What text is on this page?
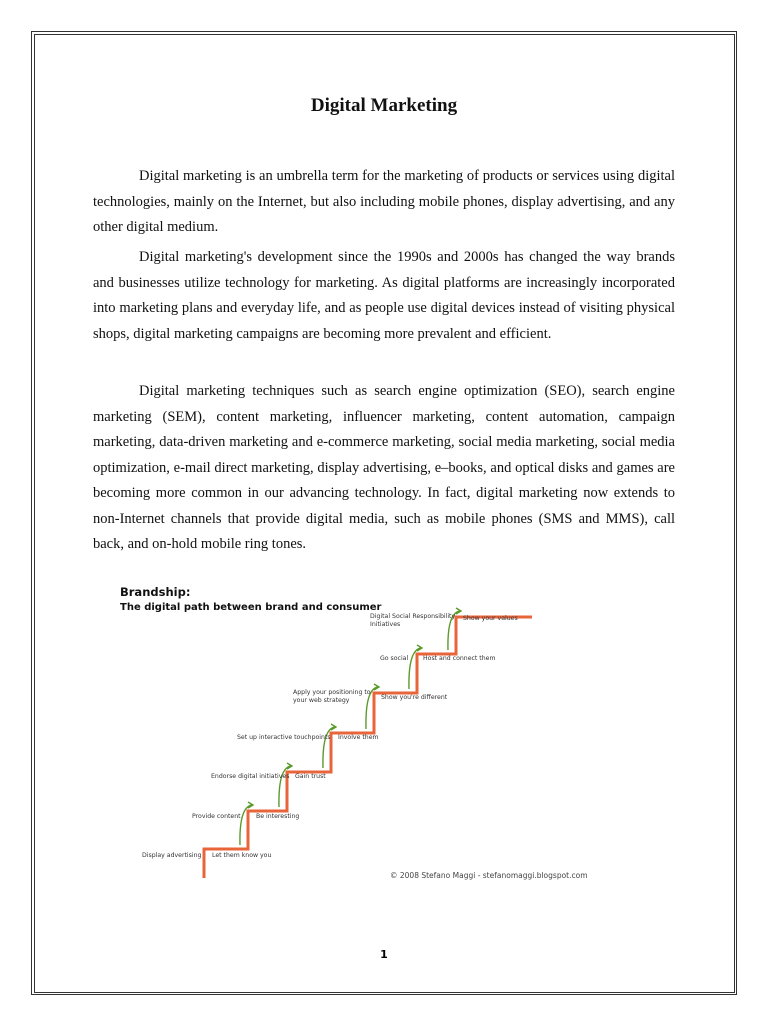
Digital Marketing

Digital marketing is an umbrella term for the marketing of products or services using digital technologies, mainly on the Internet, but also including mobile phones, display advertising, and any other digital medium.

Digital marketing's development since the 1990s and 2000s has changed the way brands and businesses utilize technology for marketing. As digital platforms are increasingly incorporated into marketing plans and everyday life, and as people use digital devices instead of visiting physical shops, digital marketing campaigns are becoming more prevalent and efficient.

Digital marketing techniques such as search engine optimization (SEO), search engine marketing (SEM), content marketing, influencer marketing, content automation, campaign marketing, data-driven marketing and e-commerce marketing, social media marketing, social media optimization, e-mail direct marketing, display advertising, e–books, and optical disks and games are becoming more common in our advancing technology. In fact, digital marketing now extends to non-Internet channels that provide digital media, such as mobile phones (SMS and MMS), call back, and on-hold mobile ring tones.

Brandship:
The digital path between brand and consumer
Display advertising Let them know you
Provide content Be interesting
Endorse digital initiatives Gain trust
Set up interactive touchpoints Involve them
Apply your positioning to your web strategy	Show you're different
Go social Host and connect them
Digital Social Responsibility Initiatives
Show your values
© 2008 Stefano Maggi - stefanomaggi.blogspot.com
1
